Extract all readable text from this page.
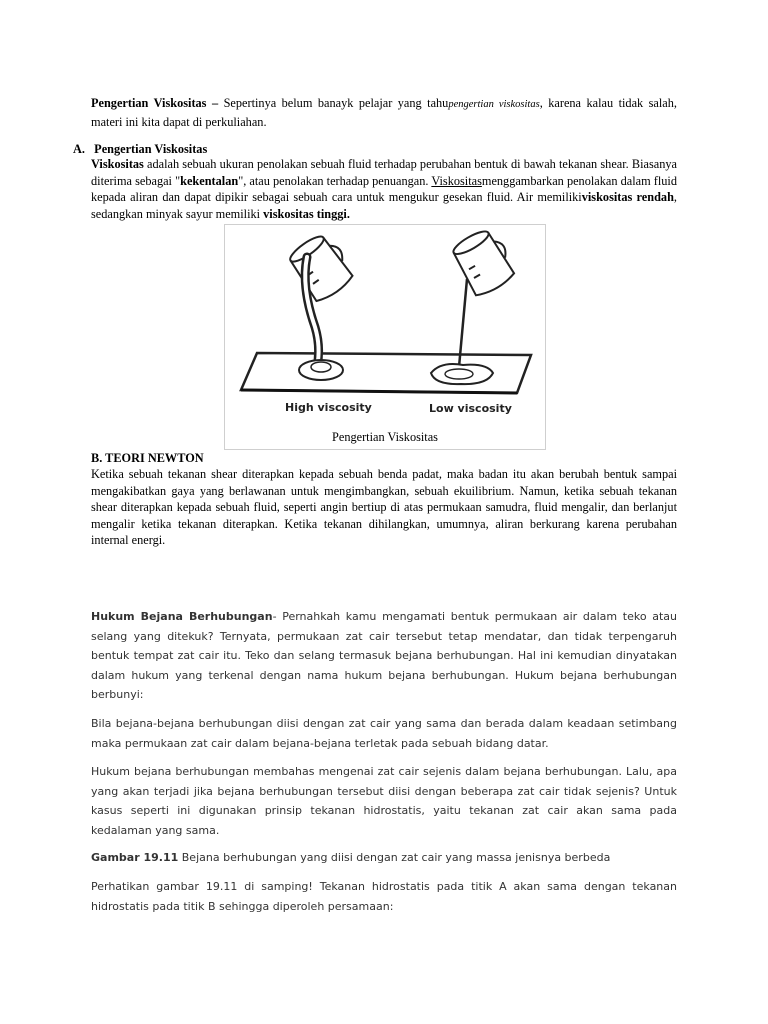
Pengertian Viskositas – Sepertinya belum banayk pelajar yang tahupengertian viskositas, karena kalau tidak salah, materi ini kita dapat di perkuliahan.
A.   Pengertian Viskositas
Viskositas adalah sebuah ukuran penolakan sebuah fluid terhadap perubahan bentuk di bawah tekanan shear. Biasanya diterima sebagai "kekentalan", atau penolakan terhadap penuangan. Viskositasmenggambarkan penolakan dalam fluid kepada aliran dan dapat dipikir sebagai sebuah cara untuk mengukur gesekan fluid. Air memilikiviskositas rendah, sedangkan minyak sayur memiliki viskositas tinggi.
High viscosity	Low viscosity
Pengertian Viskositas
B. TEORI NEWTON
Ketika sebuah tekanan shear diterapkan kepada sebuah benda padat, maka badan itu akan berubah bentuk sampai mengakibatkan gaya yang berlawanan untuk mengimbangkan, sebuah ekuilibrium. Namun, ketika sebuah tekanan shear diterapkan kepada sebuah fluid, seperti angin bertiup di atas permukaan samudra, fluid mengalir, dan berlanjut mengalir ketika tekanan diterapkan. Ketika tekanan dihilangkan, umumnya, aliran berkurang karena perubahan internal energi.
Hukum Bejana Berhubungan- Pernahkah kamu mengamati bentuk permukaan air dalam teko atau selang yang ditekuk? Ternyata, permukaan zat cair tersebut tetap mendatar, dan tidak terpengaruh bentuk tempat zat cair itu. Teko dan selang termasuk bejana berhubungan. Hal ini kemudian dinyatakan dalam hukum yang terkenal dengan nama hukum bejana berhubungan. Hukum bejana berhubungan berbunyi:
Bila bejana-bejana berhubungan diisi dengan zat cair yang sama dan berada dalam keadaan setimbang maka permukaan zat cair dalam bejana-bejana terletak pada sebuah bidang datar.
Hukum bejana berhubungan membahas mengenai zat cair sejenis dalam bejana berhubungan. Lalu, apa yang akan terjadi jika bejana berhubungan tersebut diisi dengan beberapa zat cair tidak sejenis? Untuk kasus seperti ini digunakan prinsip tekanan hidrostatis, yaitu tekanan zat cair akan sama pada kedalaman yang sama.
Gambar 19.11 Bejana berhubungan yang diisi dengan zat cair yang massa jenisnya berbeda
Perhatikan gambar 19.11 di samping! Tekanan hidrostatis pada titik A akan sama dengan tekanan hidrostatis pada titik B sehingga diperoleh persamaan:
